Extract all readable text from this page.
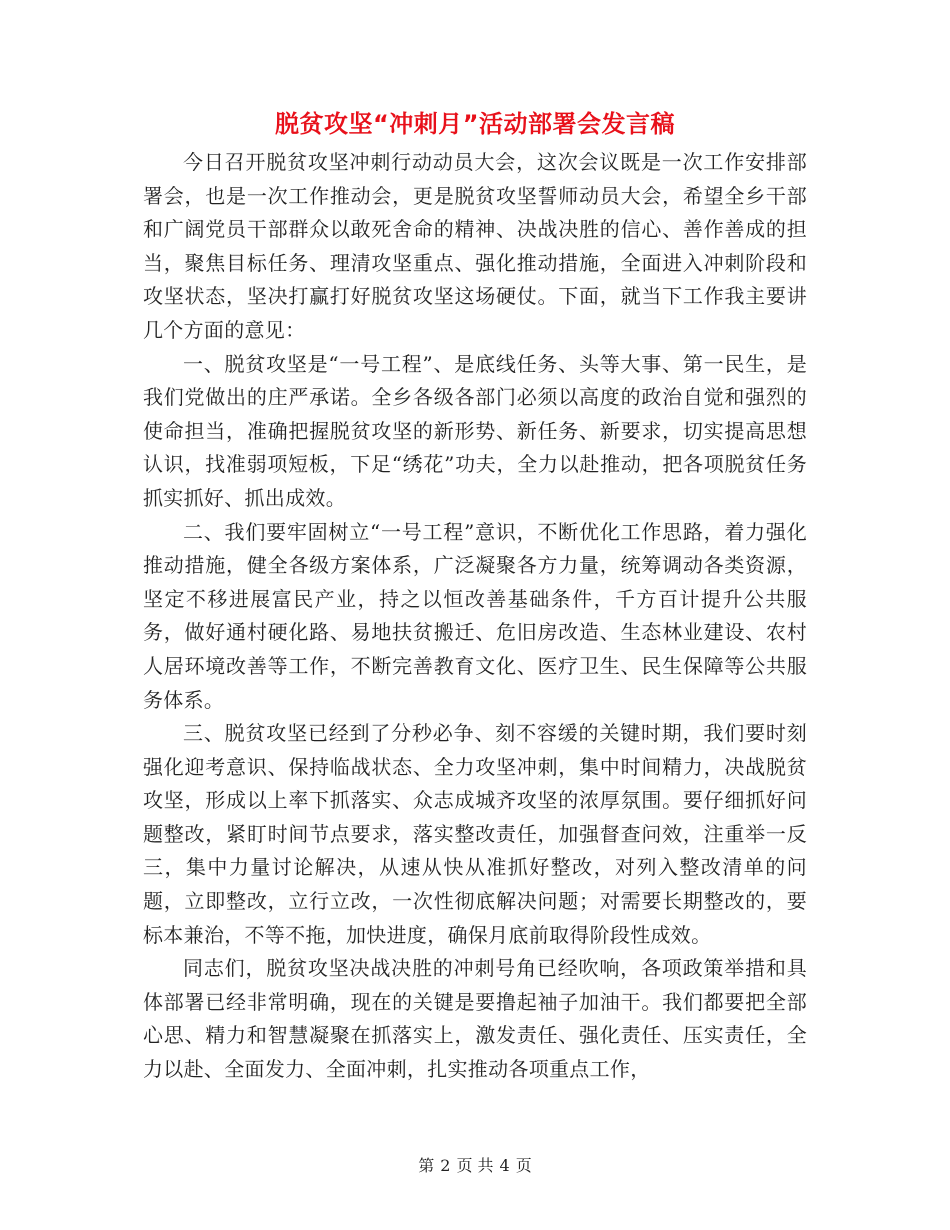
脱贫攻坚“冲刺月”活动部署会发言稿

今日召开脱贫攻坚冲刺行动动员大会，这次会议既是一次工作安排部署会，也是一次工作推动会，更是脱贫攻坚誓师动员大会，希望全乡干部和广阔党员干部群众以敢死舍命的精神、决战决胜的信心、善作善成的担当，聚焦目标任务、理清攻坚重点、强化推动措施，全面进入冲刺阶段和攻坚状态，坚决打赢打好脱贫攻坚这场硬仗。下面，就当下工作我主要讲几个方面的意见：

一、脱贫攻坚是“一号工程”、是底线任务、头等大事、第一民生，是我们党做出的庄严承诺。全乡各级各部门必须以高度的政治自觉和强烈的使命担当，准确把握脱贫攻坚的新形势、新任务、新要求，切实提高思想认识，找准弱项短板，下足“绣花”功夫，全力以赴推动，把各项脱贫任务抓实抓好、抓出成效。

二、我们要牢固树立“一号工程”意识，不断优化工作思路，着力强化推动措施，健全各级方案体系，广泛凝聚各方力量，统筹调动各类资源，坚定不移进展富民产业，持之以恒改善基础条件，千方百计提升公共服务，做好通村硬化路、易地扶贫搬迁、危旧房改造、生态林业建设、农村人居环境改善等工作，不断完善教育文化、医疗卫生、民生保障等公共服务体系。

三、脱贫攻坚已经到了分秒必争、刻不容缓的关键时期，我们要时刻强化迎考意识、保持临战状态、全力攻坚冲刺，集中时间精力，决战脱贫攻坚，形成以上率下抓落实、众志成城齐攻坚的浓厚氛围。要仔细抓好问题整改，紧盯时间节点要求，落实整改责任，加强督查问效，注重举一反三，集中力量讨论解决，从速从快从准抓好整改，对列入整改清单的问题，立即整改，立行立改，一次性彻底解决问题；对需要长期整改的，要标本兼治，不等不拖，加快进度，确保月底前取得阶段性成效。

同志们，脱贫攻坚决战决胜的冲刺号角已经吹响，各项政策举措和具体部署已经非常明确，现在的关键是要撸起袖子加油干。我们都要把全部心思、精力和智慧凝聚在抓落实上，激发责任、强化责任、压实责任，全力以赴、全面发力、全面冲刺，扎实推动各项重点工作，

第 2 页 共 4 页
